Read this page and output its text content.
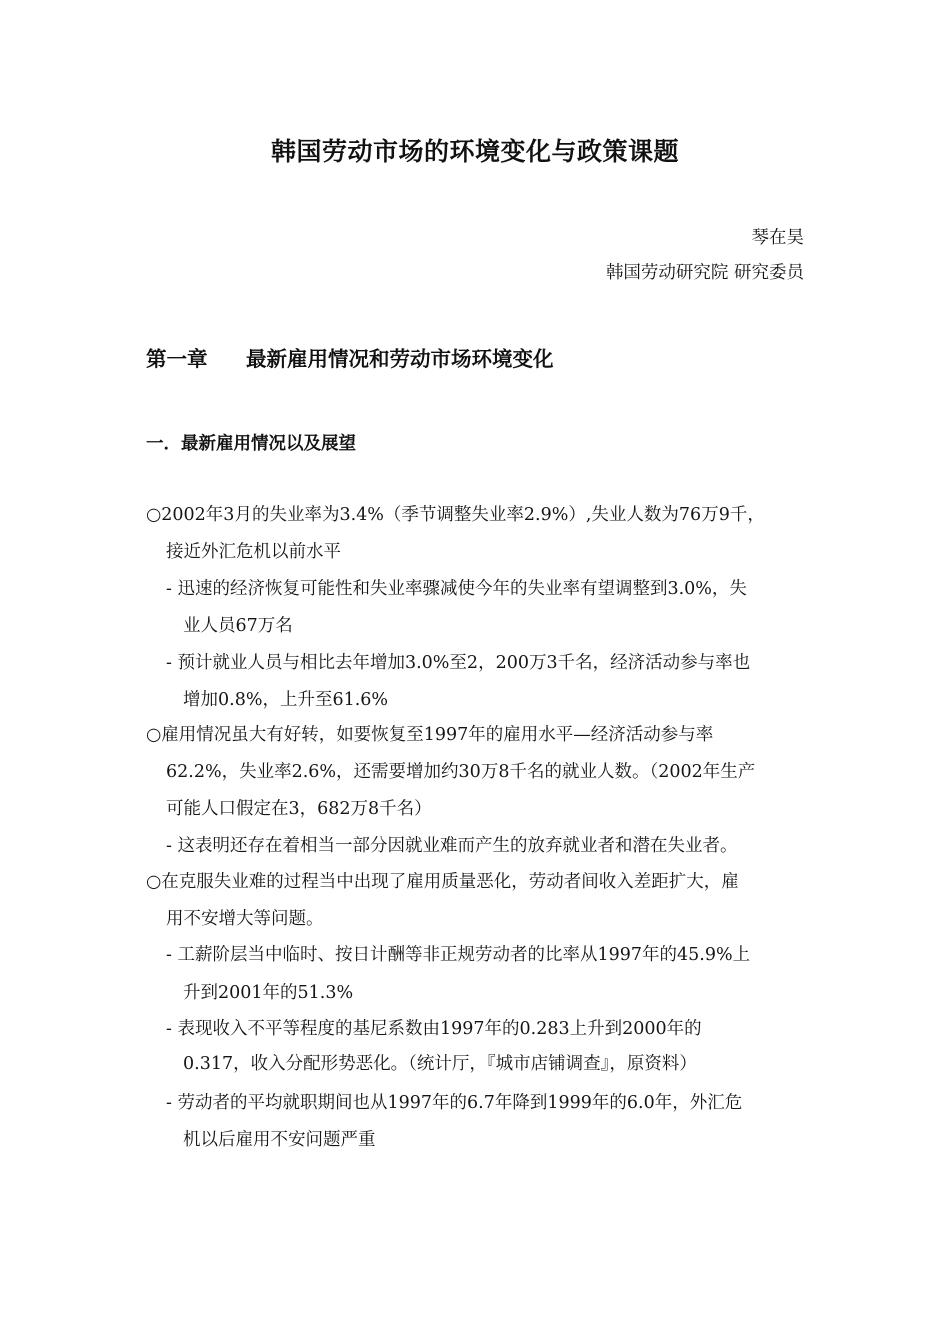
韩国劳动市场的环境变化与政策课题
琴在昊
韩国劳动研究院 研究委员
第一章 最新雇用情况和劳动市场环境变化
一．最新雇用情况以及展望
○2002年3月的失业率为3.4%（季节调整失业率2.9%）,失业人数为76万9千，
接近外汇危机以前水平
- 迅速的经济恢复可能性和失业率骤减使今年的失业率有望调整到3.0%，失
业人员67万名
- 预计就业人员与相比去年增加3.0%至2，200万3千名，经济活动参与率也
增加0.8%，上升至61.6%
○雇用情况虽大有好转，如要恢复至1997年的雇用水平—经济活动参与率
62.2%，失业率2.6%，还需要增加约30万8千名的就业人数。（2002年生产
可能人口假定在3，682万8千名）
- 这表明还存在着相当一部分因就业难而产生的放弃就业者和潜在失业者。
○在克服失业难的过程当中出现了雇用质量恶化，劳动者间收入差距扩大，雇
用不安增大等问题。
- 工薪阶层当中临时、按日计酬等非正规劳动者的比率从1997年的45.9%上
升到2001年的51.3%
- 表现收入不平等程度的基尼系数由1997年的0.283上升到2000年的
0.317，收入分配形势恶化。（统计厅，『城市店铺调查』，原资料）
- 劳动者的平均就职期间也从1997年的6.7年降到1999年的6.0年，外汇危
机以后雇用不安问题严重
